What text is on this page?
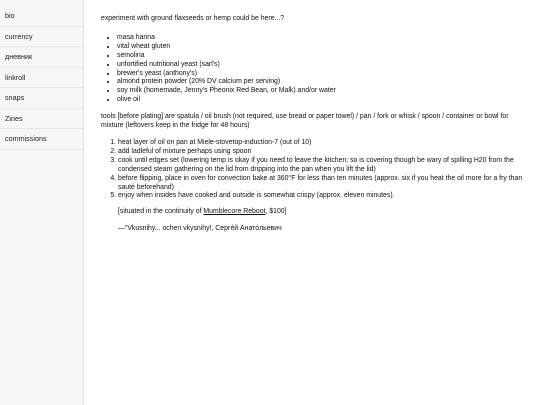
bio
currency
дневник
linkroll
snaps
Zines
commissions

experiment with ground flaxseeds or hemp could be here...?

• masa harina
• vital wheat gluten
• semolina
• unfortified nutritional yeast (sarl's)
• brewer's yeast (anthony's)
• almond protein powder (20% DV calcium per serving)
• soy milk (homemade, Jenny's Pheonix Red Bean, or Malk) and/or water
• olive oil

tools [before plating] are spatula / oil brush (not required, use bread or paper towel) / pan / fork or whisk / spoon / container or bowl for mixture (leftovers keep in the fridge for 48 hours)

1. heat layer of oil on pan at Miele-stovetop-induction-7 (out of 10)
2. add ladleful of mixture perhaps using spoon
3. cook until edges set (lowering temp is okay if you need to leave the kitchen; so is covering though be wary of spilling H20 from the condensed steam gathering on the lid from dripping into the pan when you lift the lid)
4. before flipping, place in oven for convection bake at 360°F for less than ten minutes (approx. six if you heat the oil more for a fry than sauté beforehand)
5. enjoy when insides have cooked and outside is somewhat crispy (approx. eleven minutes).

[situated in the continuity of Mumblecore Reboot, $100]

—"Vkusnihy... ochen vkysnihy!, Сергéй Анатóльевич
